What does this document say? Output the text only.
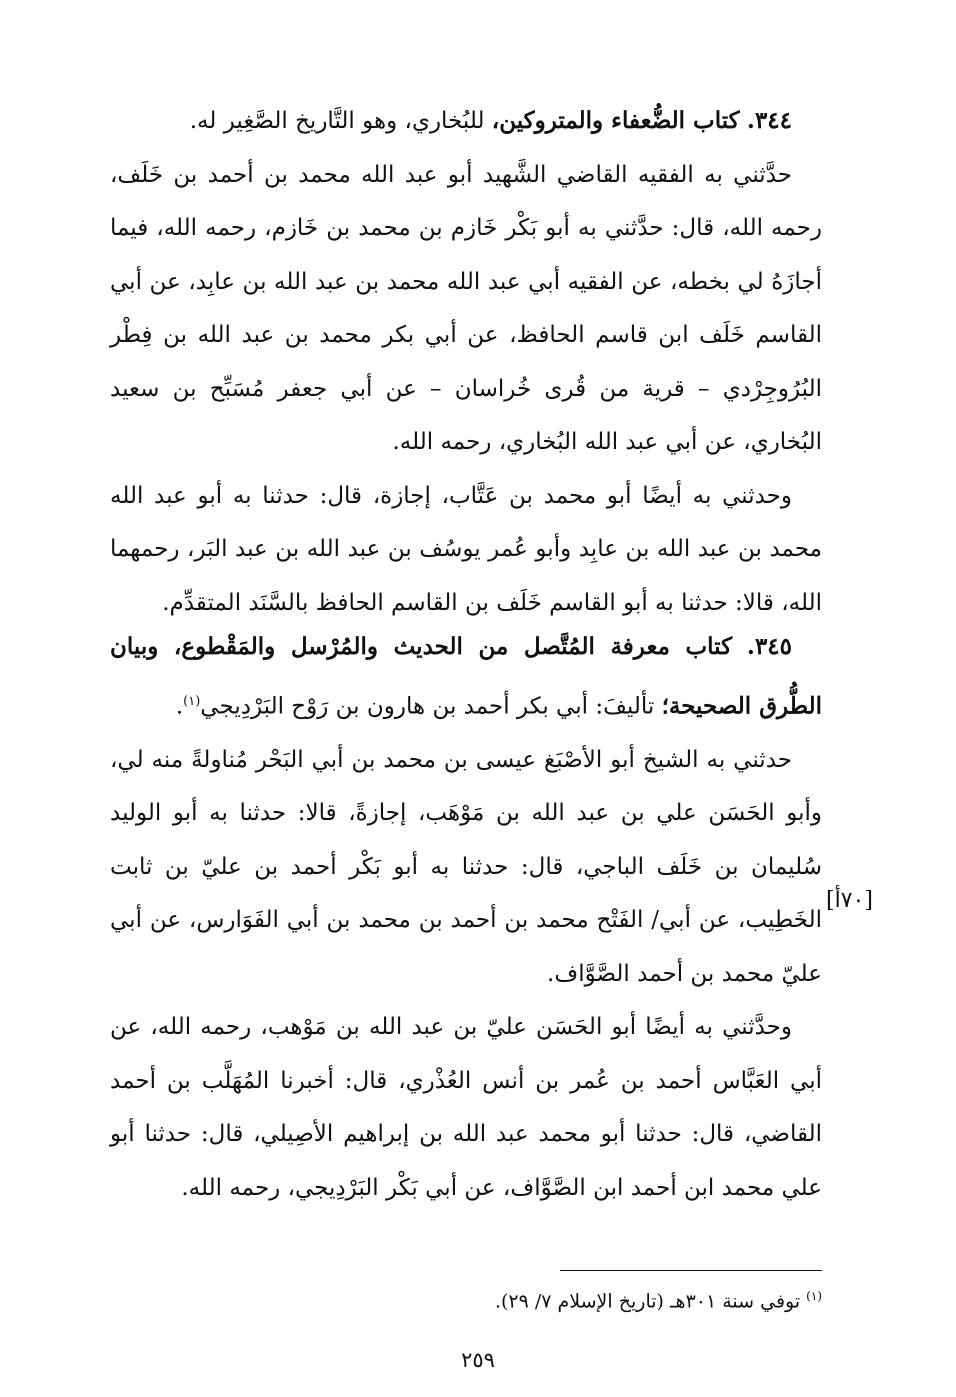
٣٤٤. كتاب الضُّعفاء والمتروكين، للبُخاري، وهو التَّاريخ الصَّغِير له.

حدَّثني به الفقيه القاضي الشَّهيد أبو عبد الله محمد بن أحمد بن خَلَف، رحمه الله، قال: حدَّثني به أبو بَكْر خَازم بن محمد بن خَازم، رحمه الله، فيما أجازَهُ لي بخطه، عن الفقيه أبي عبد الله محمد بن عبد الله بن عابِد، عن أبي القاسم خَلَف ابن قاسم الحافظ، عن أبي بكر محمد بن عبد الله بن فِطْر البُرُوجِرْدي – قرية من قُرى خُراسان – عن أبي جعفر مُسَبِّح بن سعيد البُخاري، عن أبي عبد الله البُخاري، رحمه الله.

وحدثني به أيضًا أبو محمد بن عَتَّاب، إجازة، قال: حدثنا به أبو عبد الله محمد بن عبد الله بن عابِد وأبو عُمر يوسُف بن عبد الله بن عبد البَر، رحمهما الله، قالا: حدثنا به أبو القاسم خَلَف بن القاسم الحافظ بالسَّنَد المتقدِّم.

٣٤٥. كتاب معرفة المُتَّصل من الحديث والمُرْسل والمَقْطوع، وبيان الطُّرق الصحيحة؛ تأليفَ: أبي بكر أحمد بن هارون بن رَوْح البَرْدِيجي$^{(١)}$.

حدثني به الشيخ أبو الأصْبَغ عيسى بن محمد بن أبي البَحْر مُناولةً منه لي، وأبو الحَسَن علي بن عبد الله بن مَوْهَب، إجازةً، قالا: حدثنا به أبو الوليد سُليمان بن خَلَف الباجي، قال: حدثنا به أبو بَكْر أحمد بن عليّ بن ثابت الخَطِيب، عن أبي/ الفَتْح محمد بن أحمد بن محمد بن أبي الفَوَارس، عن أبي عليّ محمد بن أحمد الصَّوَّاف.

وحدَّثني به أيضًا أبو الحَسَن عليّ بن عبد الله بن مَوْهب، رحمه الله، عن أبي العَبَّاس أحمد بن عُمر بن أنس العُذْري، قال: أخبرنا المُهَلَّب بن أحمد القاضي، قال: حدثنا أبو محمد عبد الله بن إبراهيم الأصِيلي، قال: حدثنا أبو علي محمد ابن أحمد ابن الصَّوَّاف، عن أبي بَكْر البَرْدِيجي، رحمه الله.

[٧٠أ]
$^{(١)}$ توفي سنة ٣٠١هـ (تاريخ الإسلام ٧/ ٢٩).
٢٥٩
